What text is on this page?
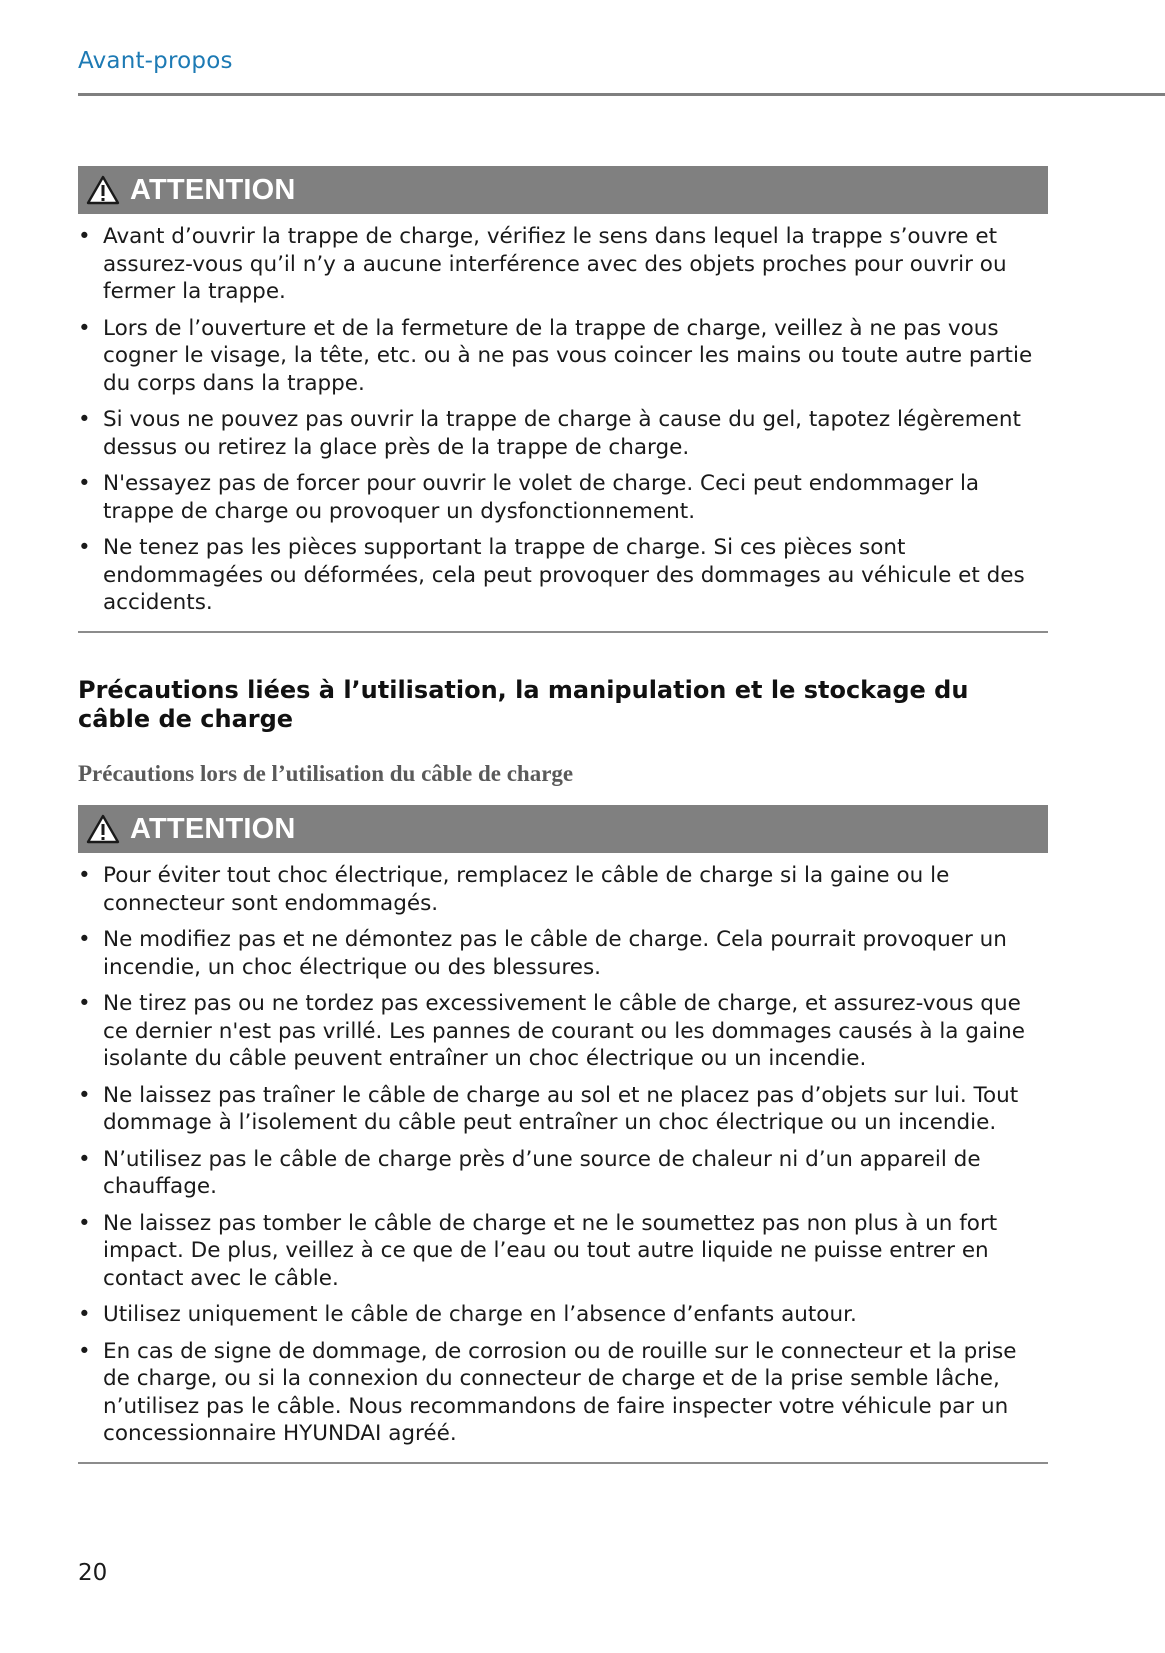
Avant-propos
ATTENTION
• Avant d’ouvrir la trappe de charge, vérifiez le sens dans lequel la trappe s’ouvre et assurez-vous qu’il n’y a aucune interférence avec des objets proches pour ouvrir ou fermer la trappe.
• Lors de l’ouverture et de la fermeture de la trappe de charge, veillez à ne pas vous cogner le visage, la tête, etc. ou à ne pas vous coincer les mains ou toute autre partie du corps dans la trappe.
• Si vous ne pouvez pas ouvrir la trappe de charge à cause du gel, tapotez légèrement dessus ou retirez la glace près de la trappe de charge.
• N'essayez pas de forcer pour ouvrir le volet de charge. Ceci peut endommager la trappe de charge ou provoquer un dysfonctionnement.
• Ne tenez pas les pièces supportant la trappe de charge. Si ces pièces sont endommagées ou déformées, cela peut provoquer des dommages au véhicule et des accidents.
Précautions liées à l’utilisation, la manipulation et le stockage du câble de charge
Précautions lors de l’utilisation du câble de charge
ATTENTION
• Pour éviter tout choc électrique, remplacez le câble de charge si la gaine ou le connecteur sont endommagés.
• Ne modifiez pas et ne démontez pas le câble de charge. Cela pourrait provoquer un incendie, un choc électrique ou des blessures.
• Ne tirez pas ou ne tordez pas excessivement le câble de charge, et assurez-vous que ce dernier n'est pas vrillé. Les pannes de courant ou les dommages causés à la gaine isolante du câble peuvent entraîner un choc électrique ou un incendie.
• Ne laissez pas traîner le câble de charge au sol et ne placez pas d’objets sur lui. Tout dommage à l’isolement du câble peut entraîner un choc électrique ou un incendie.
• N’utilisez pas le câble de charge près d’une source de chaleur ni d’un appareil de chauffage.
• Ne laissez pas tomber le câble de charge et ne le soumettez pas non plus à un fort impact. De plus, veillez à ce que de l’eau ou tout autre liquide ne puisse entrer en contact avec le câble.
• Utilisez uniquement le câble de charge en l’absence d’enfants autour.
• En cas de signe de dommage, de corrosion ou de rouille sur le connecteur et la prise de charge, ou si la connexion du connecteur de charge et de la prise semble lâche, n’utilisez pas le câble. Nous recommandons de faire inspecter votre véhicule par un concessionnaire HYUNDAI agréé.
20
